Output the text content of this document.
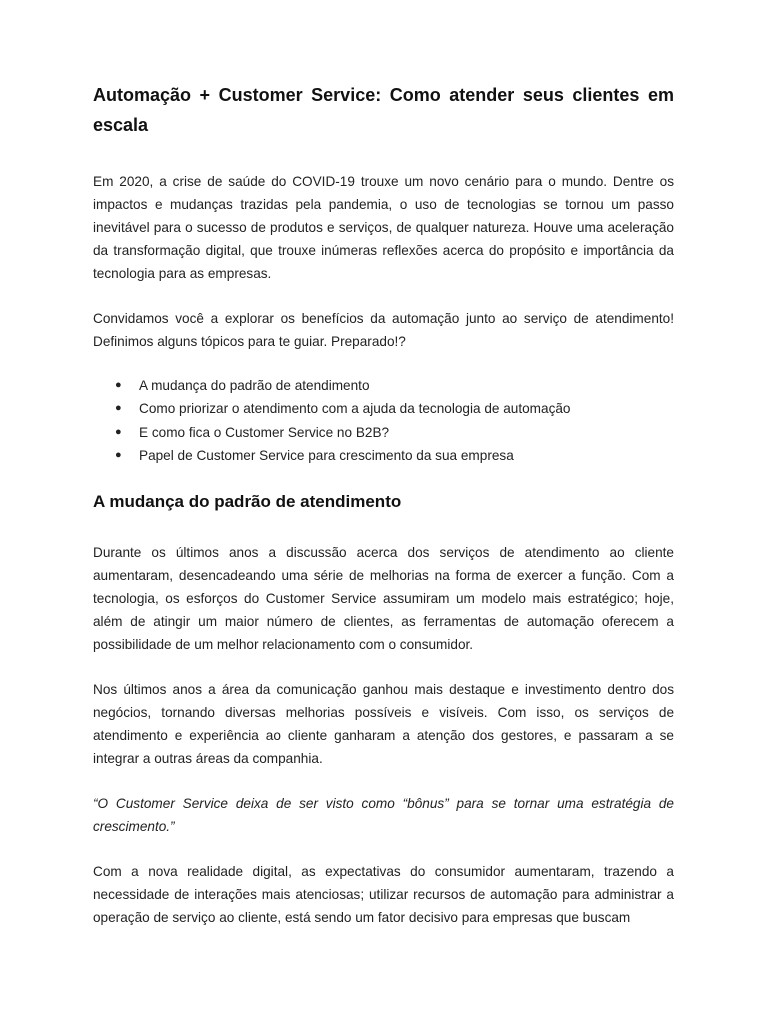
Automação + Customer Service: Como atender seus clientes em escala

Em 2020, a crise de saúde do COVID-19 trouxe um novo cenário para o mundo. Dentre os impactos e mudanças trazidas pela pandemia, o uso de tecnologias se tornou um passo inevitável para o sucesso de produtos e serviços, de qualquer natureza. Houve uma aceleração da transformação digital, que trouxe inúmeras reflexões acerca do propósito e importância da tecnologia para as empresas.

Convidamos você a explorar os benefícios da automação junto ao serviço de atendimento! Definimos alguns tópicos para te guiar. Preparado!?

● A mudança do padrão de atendimento
● Como priorizar o atendimento com a ajuda da tecnologia de automação
● E como fica o Customer Service no B2B?
● Papel de Customer Service para crescimento da sua empresa
A mudança do padrão de atendimento

Durante os últimos anos a discussão acerca dos serviços de atendimento ao cliente aumentaram, desencadeando uma série de melhorias na forma de exercer a função. Com a tecnologia, os esforços do Customer Service assumiram um modelo mais estratégico; hoje, além de atingir um maior número de clientes, as ferramentas de automação oferecem a possibilidade de um melhor relacionamento com o consumidor.

Nos últimos anos a área da comunicação ganhou mais destaque e investimento dentro dos negócios, tornando diversas melhorias possíveis e visíveis. Com isso, os serviços de atendimento e experiência ao cliente ganharam a atenção dos gestores, e passaram a se integrar a outras áreas da companhia.

“O Customer Service deixa de ser visto como “bônus” para se tornar uma estratégia de crescimento.”

Com a nova realidade digital, as expectativas do consumidor aumentaram, trazendo a necessidade de interações mais atenciosas; utilizar recursos de automação para administrar a operação de serviço ao cliente, está sendo um fator decisivo para empresas que buscam
